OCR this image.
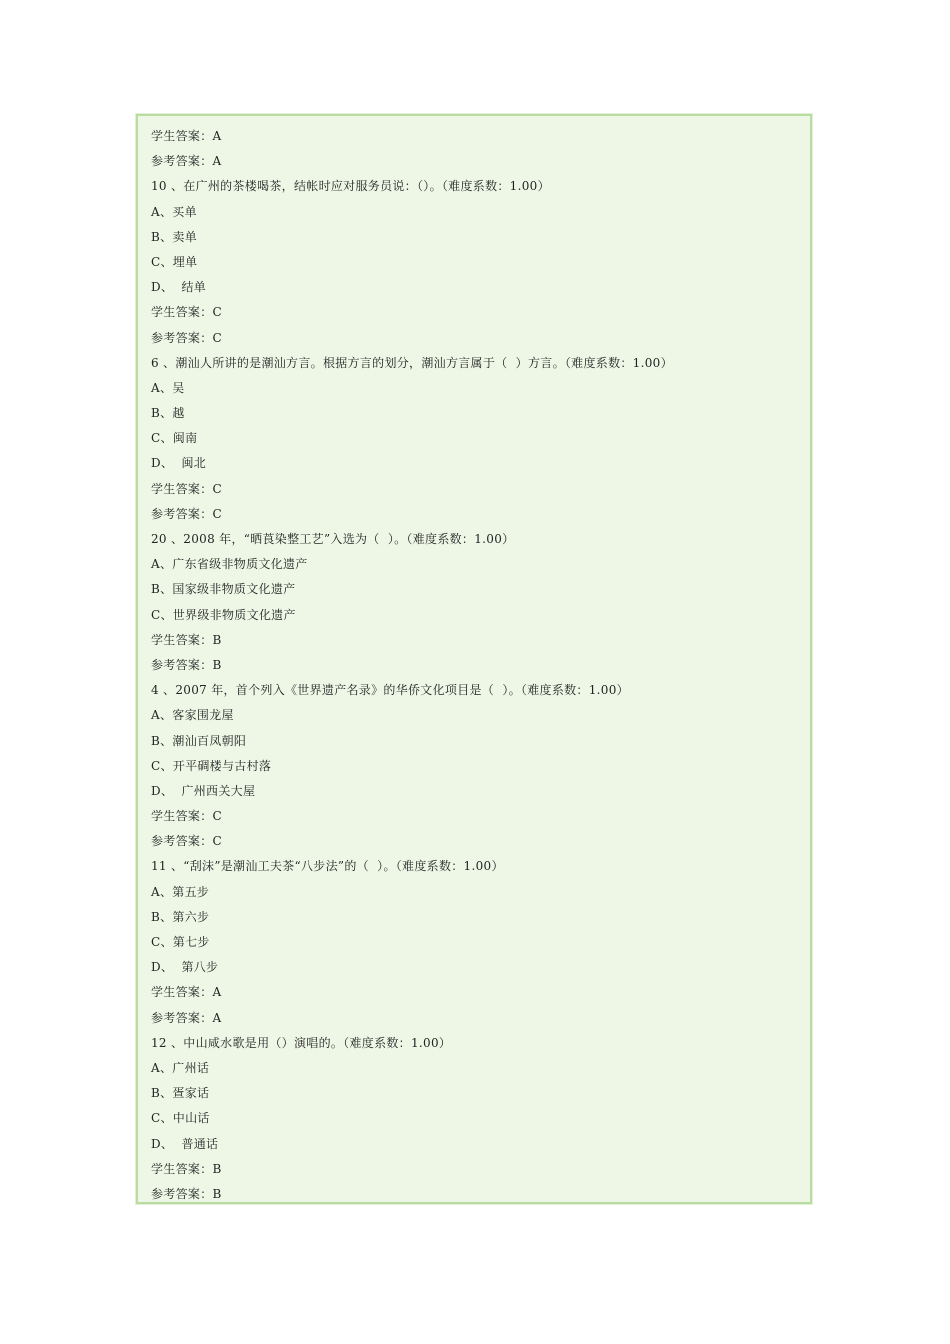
学生答案：A
参考答案：A
10 、在广州的茶楼喝茶，结帐时应对服务员说：（）。（难度系数：1.00）
A、买单
B、卖单
C、埋单
D、  结单
学生答案：C
参考答案：C
6 、潮汕人所讲的是潮汕方言。根据方言的划分，潮汕方言属于（  ）方言。（难度系数：1.00）
A、吴
B、越
C、闽南
D、  闽北
学生答案：C
参考答案：C
20 、2008 年，“晒莨染整工艺”入选为（  ）。（难度系数：1.00）
A、广东省级非物质文化遗产
B、国家级非物质文化遗产
C、世界级非物质文化遗产
学生答案：B
参考答案：B
4 、2007 年，首个列入《世界遗产名录》的华侨文化项目是（  ）。（难度系数：1.00）
A、客家围龙屋
B、潮汕百凤朝阳
C、开平碉楼与古村落
D、  广州西关大屋
学生答案：C
参考答案：C
11 、“刮沫”是潮汕工夫茶“八步法”的（  ）。（难度系数：1.00）
A、第五步
B、第六步
C、第七步
D、  第八步
学生答案：A
参考答案：A
12 、中山咸水歌是用（）演唱的。（难度系数：1.00）
A、广州话
B、疍家话
C、中山话
D、  普通话
学生答案：B
参考答案：B
